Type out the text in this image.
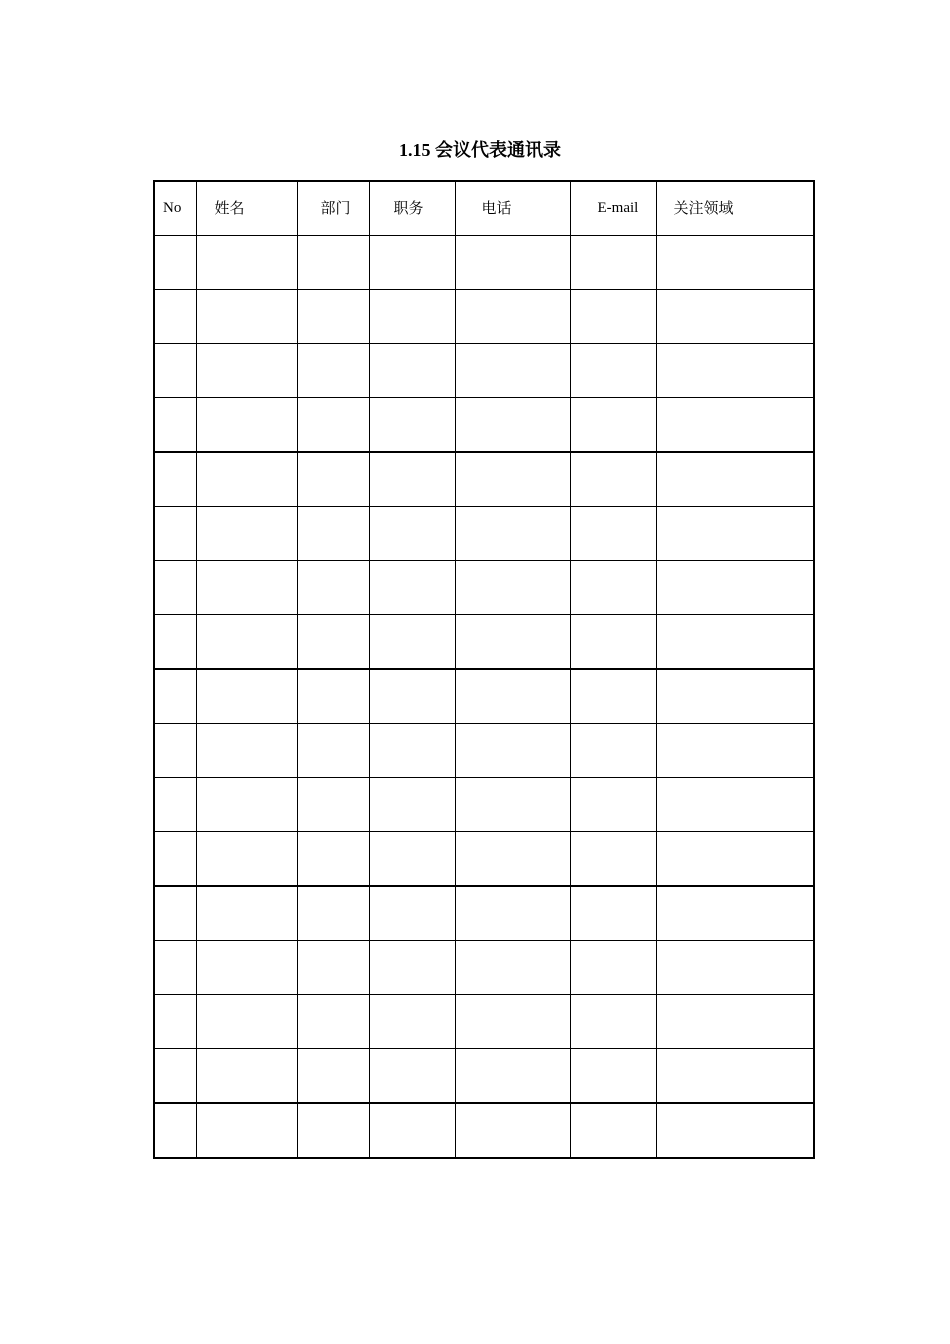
1.15 会议代表通讯录
No	姓名	部门	职务	电话	E-mail	关注领域
